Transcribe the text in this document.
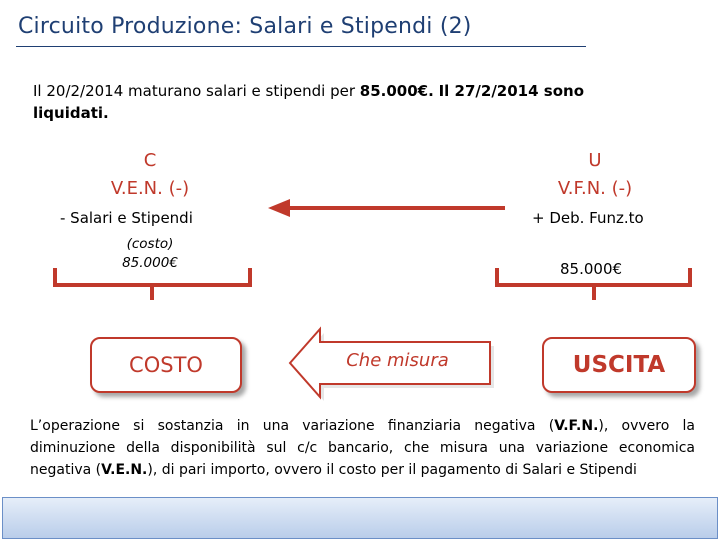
Circuito Produzione: Salari e Stipendi (2)
Il 20/2/2014 maturano salari e stipendi per 85.000€. Il 27/2/2014 sono liquidati.
C
V.E.N. (-)
U
V.F.N. (-)
- Salari e Stipendi	+ Deb. Funz.to
(costo)
85.000€	85.000€
COSTO	USCITA
Che misura
L’operazione si sostanzia in una variazione finanziaria negativa (V.F.N.), ovvero la diminuzione della disponibilità sul c/c bancario, che misura una variazione economica negativa (V.E.N.), di pari importo, ovvero il costo per il pagamento di Salari e Stipendi
